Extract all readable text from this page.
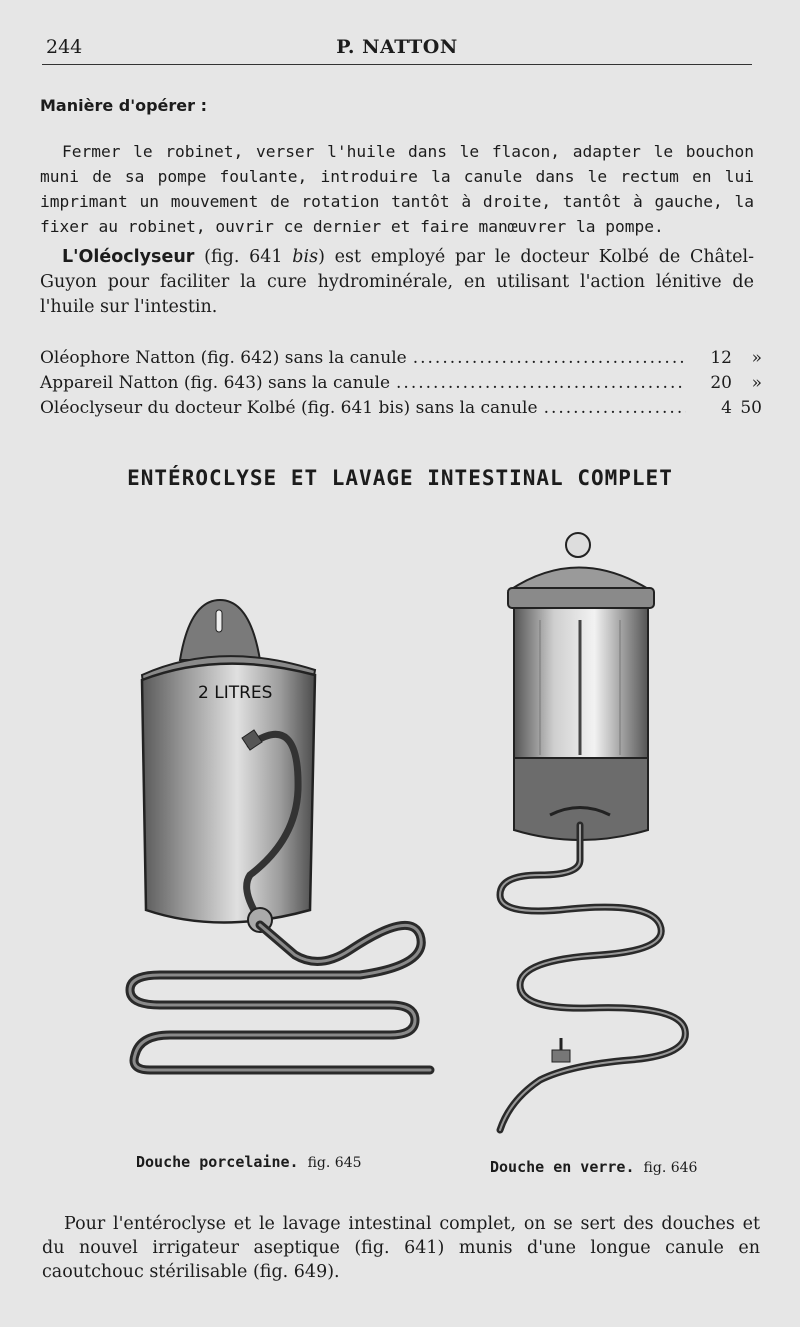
244	P. NATTON
Manière d'opérer :

Fermer le robinet, verser l'huile dans le flacon, adapter le bouchon muni de sa pompe foulante, introduire la canule dans le rectum en lui imprimant un mouvement de rotation tantôt à droite, tantôt à gauche, la fixer au robinet, ouvrir ce dernier et faire manœuvrer la pompe.

L'Oléoclyseur (fig. 641 bis) est employé par le docteur Kolbé de Châtel-Guyon pour faciliter la cure hydrominérale, en utilisant l'action lénitive de l'huile sur l'intestin.

Oléophore Natton (fig. 642) sans la canule .....	12	»
Appareil Natton (fig. 643) sans la canule .....	20	»
Oléoclyseur du docteur Kolbé (fig. 641 bis) sans la canule .....	4 50
ENTÉROCLYSE ET LAVAGE INTESTINAL COMPLET
2 LITRES
Douche porcelaine. fig. 645	Douche en verre. fig. 646

Pour l'entéroclyse et le lavage intestinal complet, on se sert des douches et du nouvel irrigateur aseptique (fig. 641) munis d'une longue canule en caoutchouc stérilisable (fig. 649).
